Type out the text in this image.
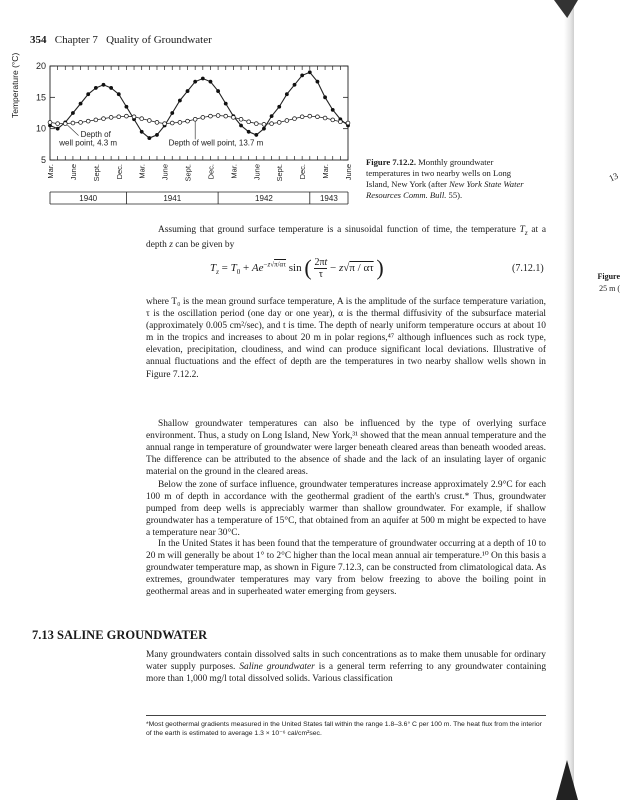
354 Chapter 7 Quality of Groundwater
Temperature (°C)
5
10
15
20
Mar. June Sept. Dec. Mar. June Sept. Dec. Mar. June Sept. Dec. Mar. June
1940	1941	1942	1943
Depth of
well point, 4.3 m	Depth of well point, 13.7 m
Figure 7.12.2. Monthly groundwater temperatures in two nearby wells on Long Island, New York (after New York State Water Resources Comm. Bull. 55).
Assuming that ground surface temperature is a sinusoidal function of time, the temperature $T_z$ at a depth z can be given by
$T_z = T_0 + Ae^{-z√\pi/\alpha\tau}$ sin ( $\frac{2\pi t}{\tau} - z√\pi / \alpha\tau$ )	(7.12.1)
where T₀ is the mean ground surface temperature, A is the amplitude of the surface temperature variation, τ is the oscillation period (one day or one year), α is the thermal diffusivity of the subsurface material (approximately 0.005 cm²/sec), and t is time. The depth of nearly uniform temperature occurs at about 10 m in the tropics and increases to about 20 m in polar regions,⁴⁷ although influences such as rock type, elevation, precipitation, cloudiness, and wind can produce significant local deviations. Illustrative of annual fluctuations and the effect of depth are the temperatures in two nearby shallow wells shown in Figure 7.12.2.
Shallow groundwater temperatures can also be influenced by the type of overlying surface environment. Thus, a study on Long Island, New York,³¹ showed that the mean annual temperature and the annual range in temperature of groundwater were larger beneath cleared areas than beneath wooded areas. The difference can be attributed to the absence of shade and the lack of an insulating layer of organic material on the ground in the cleared areas.
Below the zone of surface influence, groundwater temperatures increase approximately 2.9°C for each 100 m of depth in accordance with the geothermal gradient of the earth's crust.* Thus, groundwater pumped from deep wells is appreciably warmer than shallow groundwater. For example, if shallow groundwater has a temperature of 15°C, that obtained from an aquifer at 500 m might be expected to have a temperature near 30°C.
In the United States it has been found that the temperature of groundwater occurring at a depth of 10 to 20 m will generally be about 1° to 2°C higher than the local mean annual air temperature.¹⁰ On this basis a groundwater temperature map, as shown in Figure 7.12.3, can be constructed from climatological data. As extremes, groundwater temperatures may vary from below freezing to above the boiling point in geothermal areas and in superheated water emerging from geysers.
7.13 SALINE GROUNDWATER
Many groundwaters contain dissolved salts in such concentrations as to make them unusable for ordinary water supply purposes. Saline groundwater is a general term referring to any groundwater containing more than 1,000 mg/l total dissolved solids. Various classification
*Most geothermal gradients measured in the United States fall within the range 1.8–3.6° C per 100 m. The heat flux from the interior of the earth is estimated to average 1.3 × 10⁻⁶ cal/cm²sec.
13
Figure
25 m (
